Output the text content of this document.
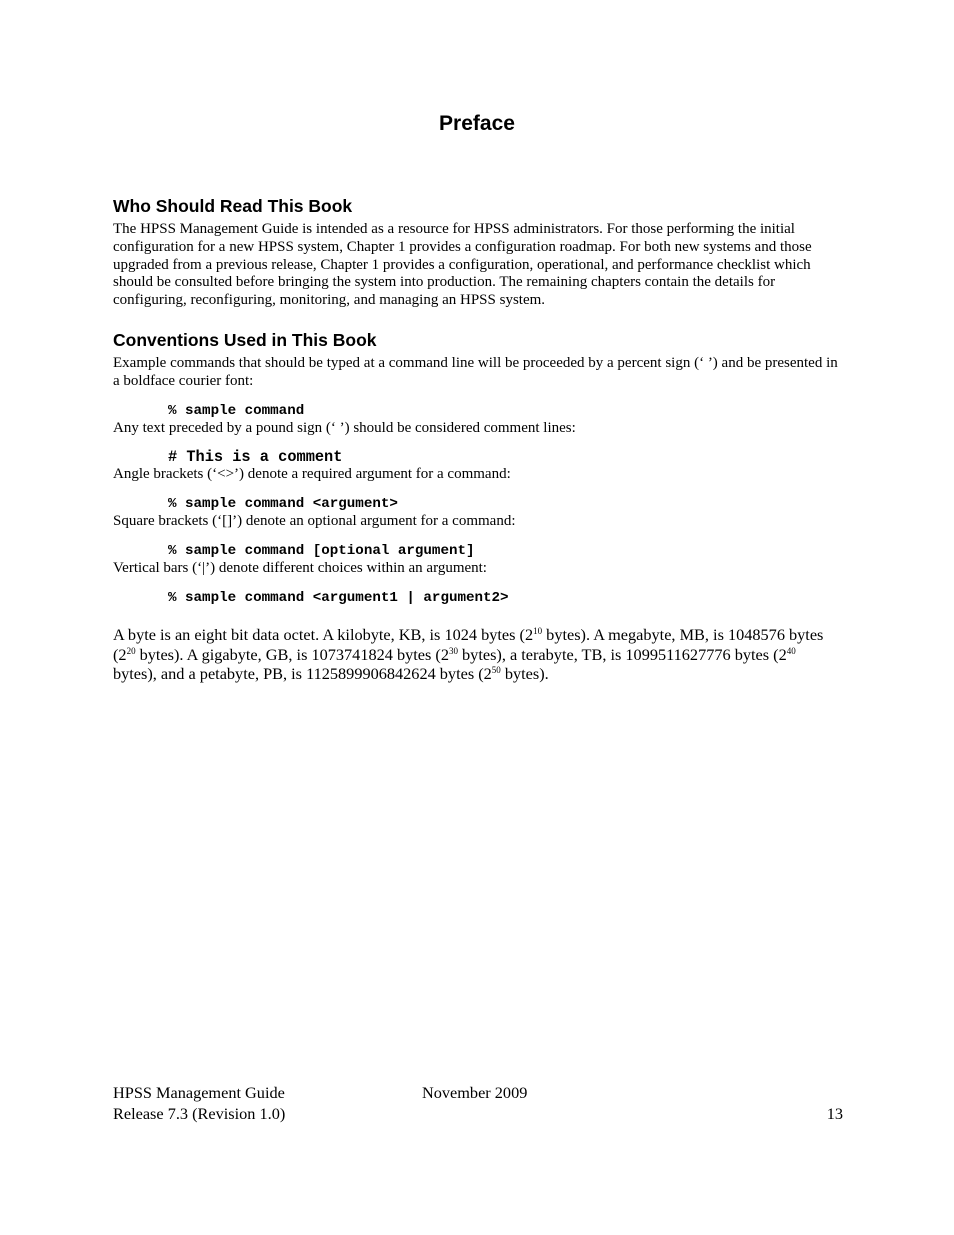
Preface
Who Should Read This Book

The HPSS Management Guide is intended as a resource for HPSS administrators. For those performing the initial configuration for a new HPSS system, Chapter 1 provides a configuration roadmap. For both new systems and those upgraded from a previous release, Chapter 1 provides a configuration, operational, and performance checklist which should be consulted before bringing the system into production. The remaining chapters contain the details for configuring, reconfiguring, monitoring, and managing an HPSS system.

Conventions Used in This Book

Example commands that should be typed at a command line will be proceeded by a percent sign (‘ ’) and be presented in a boldface courier font:

% sample command

Any text preceded by a pound sign (‘ ’) should be considered comment lines:

# This is a comment

Angle brackets (‘<>’) denote a required argument for a command:

% sample command <argument>

Square brackets (‘[]’) denote an optional argument for a command:

% sample command [optional argument]

Vertical bars (‘|’) denote different choices within an argument:

% sample command <argument1 | argument2>

A byte is an eight bit data octet. A kilobyte, KB, is 1024 bytes ($2^{10}$ bytes). A megabyte, MB, is 1048576 bytes ($2^{20}$ bytes). A gigabyte, GB, is 1073741824 bytes ($2^{30}$ bytes), a terabyte, TB, is 1099511627776 bytes ($2^{40}$ bytes), and a petabyte, PB, is 1125899906842624 bytes ($2^{50}$ bytes).

HPSS Management Guide	November 2009
Release 7.3 (Revision 1.0)	13
